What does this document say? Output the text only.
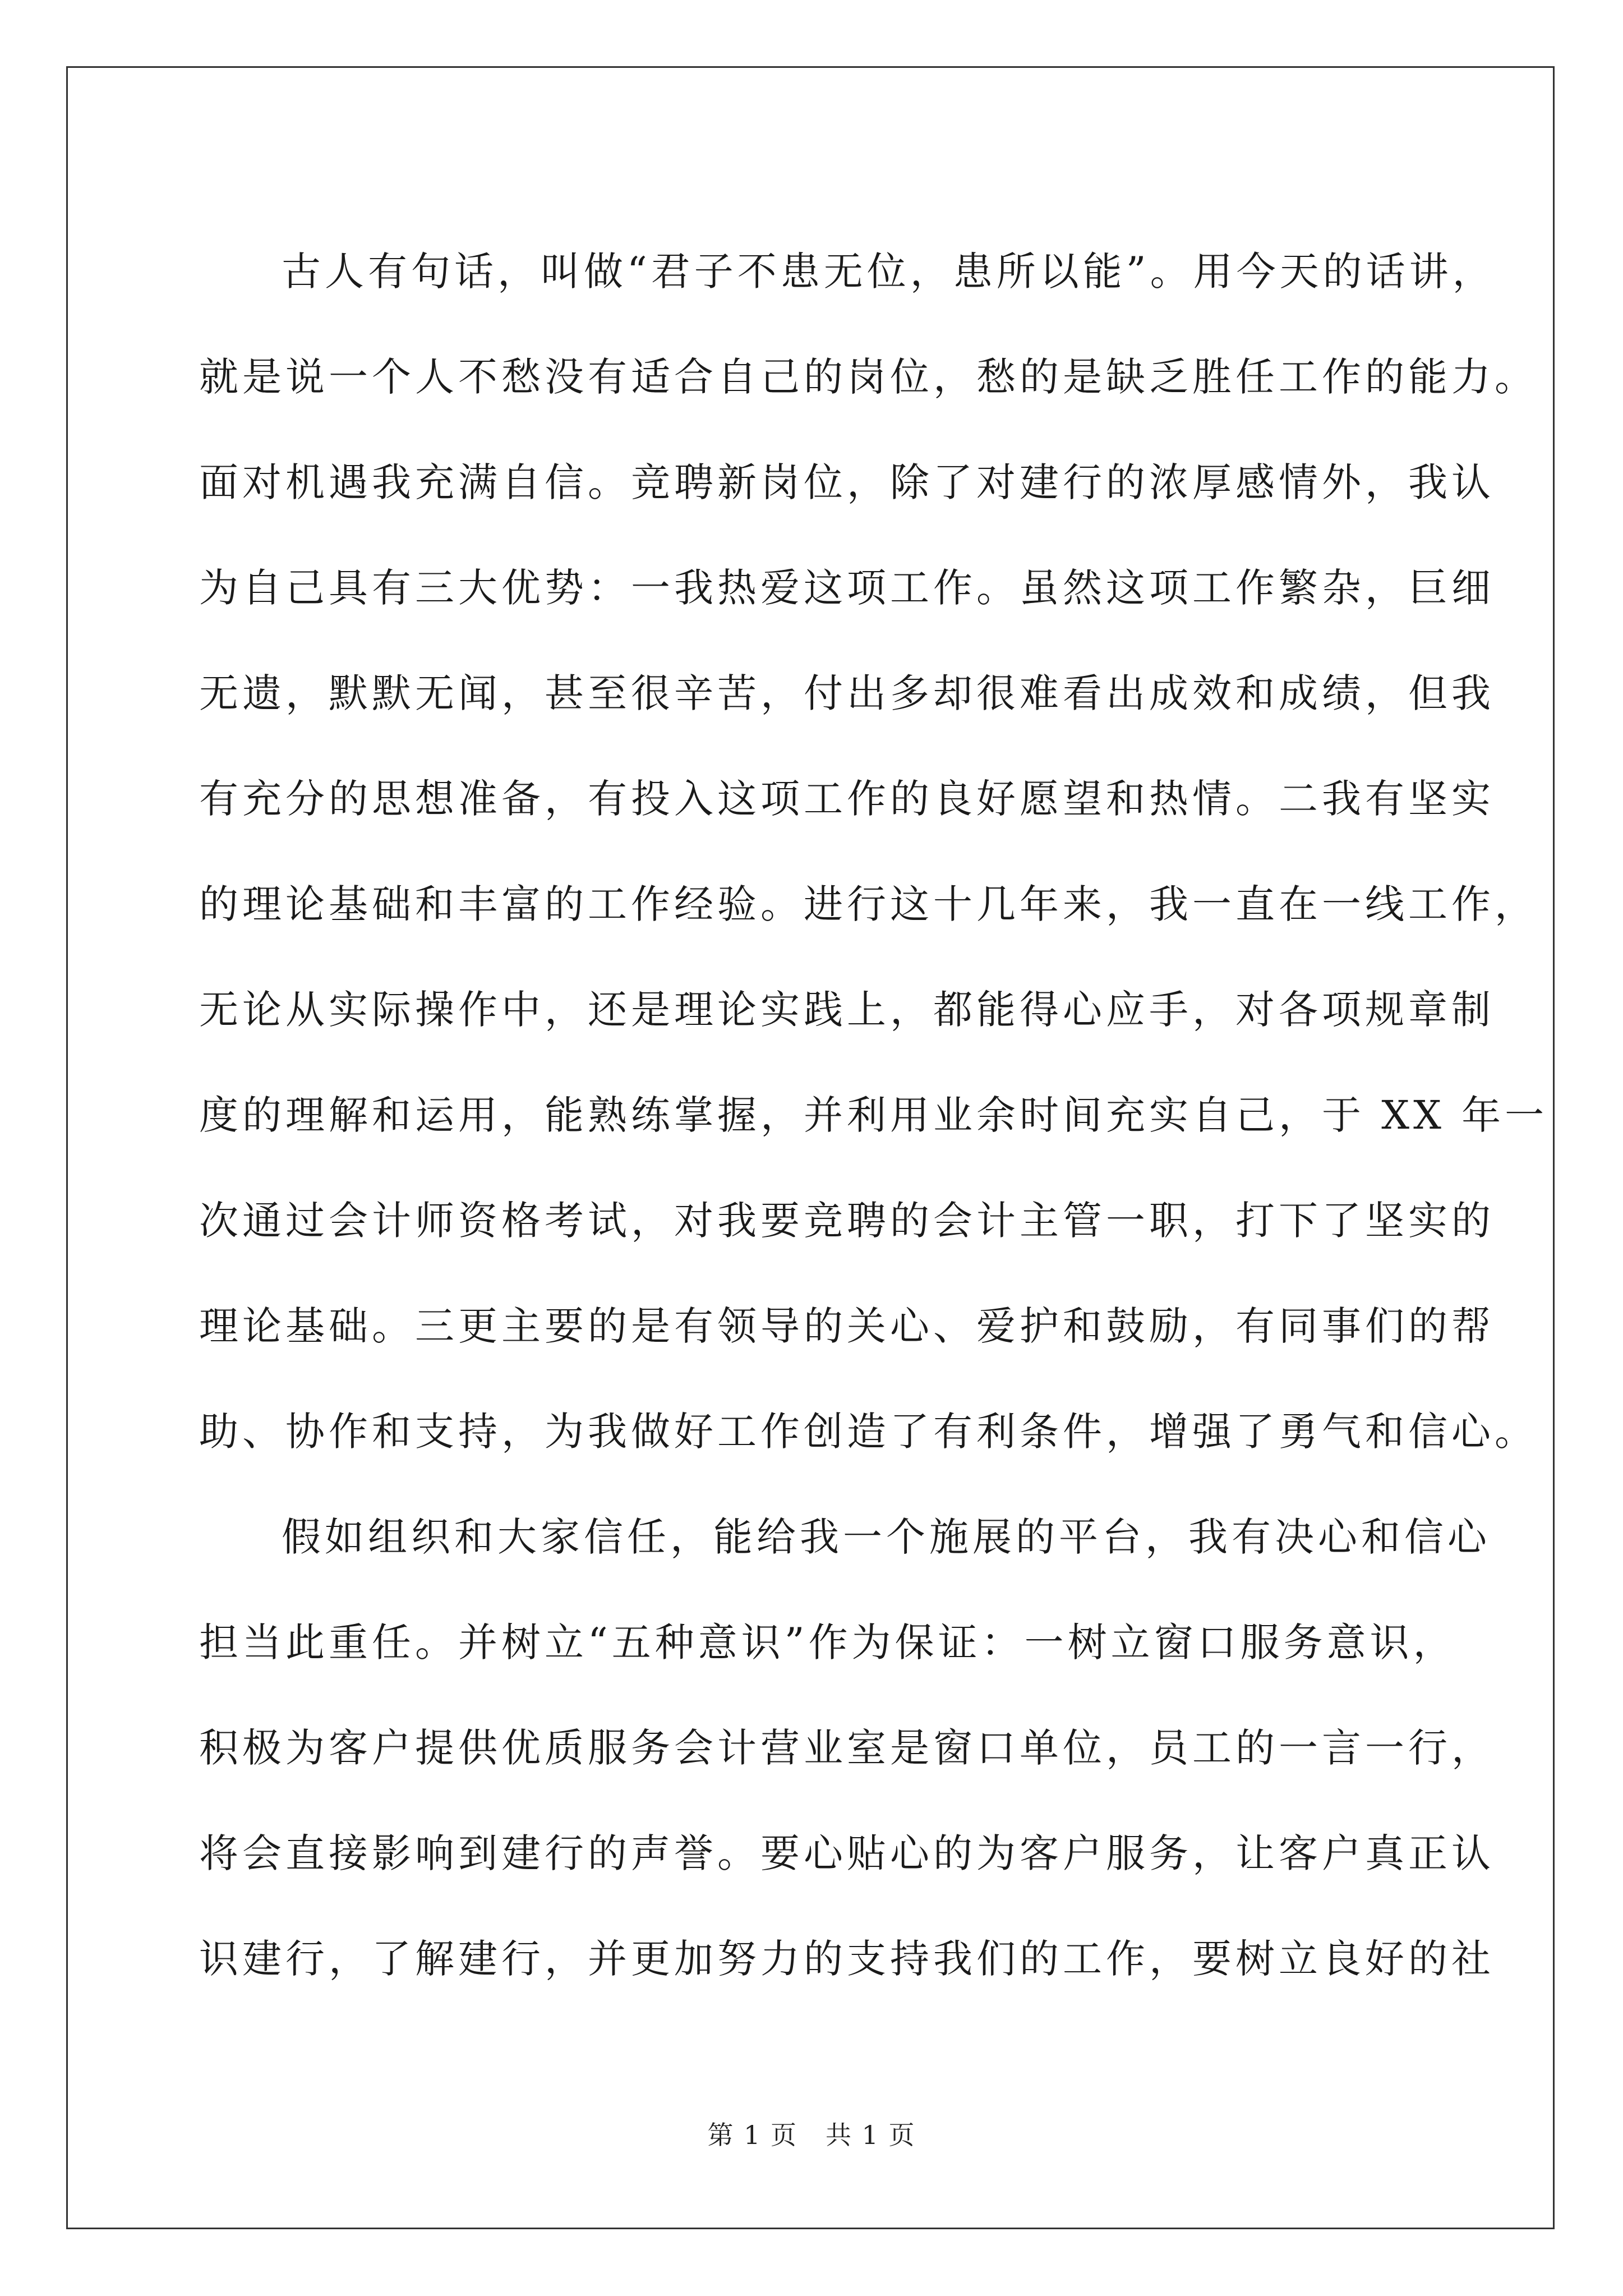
古人有句话，叫做“君子不患无位，患所以能”。用今天的话讲，
就是说一个人不愁没有适合自己的岗位，愁的是缺乏胜任工作的能力。
面对机遇我充满自信。竞聘新岗位，除了对建行的浓厚感情外，我认
为自己具有三大优势：一我热爱这项工作。虽然这项工作繁杂，巨细
无遗，默默无闻，甚至很辛苦，付出多却很难看出成效和成绩，但我
有充分的思想准备，有投入这项工作的良好愿望和热情。二我有坚实
的理论基础和丰富的工作经验。进行这十几年来，我一直在一线工作，
无论从实际操作中，还是理论实践上，都能得心应手，对各项规章制
度的理解和运用，能熟练掌握，并利用业余时间充实自己，于 XX 年一
次通过会计师资格考试，对我要竞聘的会计主管一职，打下了坚实的
理论基础。三更主要的是有领导的关心、爱护和鼓励，有同事们的帮
助、协作和支持，为我做好工作创造了有利条件，增强了勇气和信心。
假如组织和大家信任，能给我一个施展的平台，我有决心和信心
担当此重任。并树立“五种意识”作为保证：一树立窗口服务意识，
积极为客户提供优质服务会计营业室是窗口单位，员工的一言一行，
将会直接影响到建行的声誉。要心贴心的为客户服务，让客户真正认
识建行，了解建行，并更加努力的支持我们的工作，要树立良好的社
第 1 页 共 1 页
